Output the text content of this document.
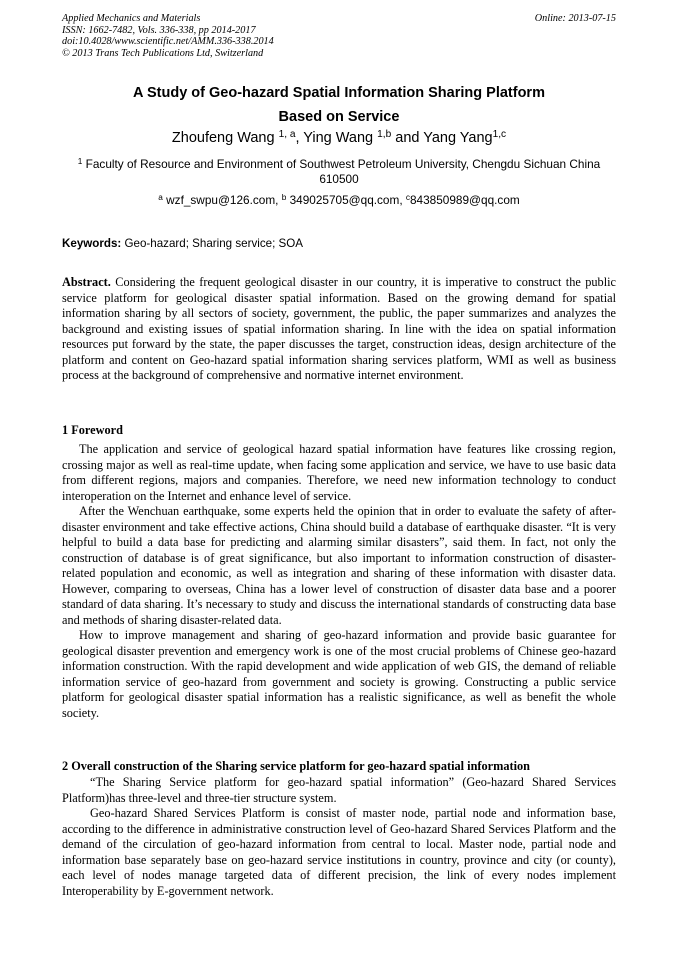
Applied Mechanics and Materials
ISSN: 1662-7482, Vols. 336-338, pp 2014-2017
doi:10.4028/www.scientific.net/AMM.336-338.2014
© 2013 Trans Tech Publications Ltd, Switzerland
Online: 2013-07-15
A Study of Geo-hazard Spatial Information Sharing Platform
Based on Service
Zhoufeng Wang $^{1, a}$, Ying Wang $^{1,b}$ and Yang Yang$^{1,c}$
$^1$ Faculty of Resource and Environment of Southwest Petroleum University, Chengdu Sichuan China 610500
$^a$ wzf_swpu@126.com, $^b$ 349025705@qq.com, $^c$843850989@qq.com
Keywords: Geo-hazard; Sharing service; SOA

Abstract. Considering the frequent geological disaster in our country, it is imperative to construct the public service platform for geological disaster spatial information. Based on the growing demand for spatial information sharing by all sectors of society, government, the public, the paper summarizes and analyzes the background and existing issues of spatial information sharing. In line with the idea on spatial information resources put forward by the state, the paper discusses the target, construction ideas, design architecture of the platform and content on Geo-hazard spatial information sharing services platform, WMI as well as business process at the background of comprehensive and normative internet environment.

1 Foreword

The application and service of geological hazard spatial information have features like crossing region, crossing major as well as real-time update, when facing some application and service, we have to use basic data from different regions, majors and companies. Therefore, we need new information technology to conduct interoperation on the Internet and enhance level of service.

After the Wenchuan earthquake, some experts held the opinion that in order to evaluate the safety of after-disaster environment and take effective actions, China should build a database of earthquake disaster. “It is very helpful to build a data base for predicting and alarming similar disasters”, said them. In fact, not only the construction of database is of great significance, but also important to information construction of disaster-related population and economic, as well as integration and sharing of these information with disaster data. However, comparing to overseas, China has a lower level of construction of disaster data base and a poorer standard of data sharing. It’s necessary to study and discuss the international standards of constructing data base and methods of sharing disaster-related data.

How to improve management and sharing of geo-hazard information and provide basic guarantee for geological disaster prevention and emergency work is one of the most crucial problems of Chinese geo-hazard information construction. With the rapid development and wide application of web GIS, the demand of reliable information service of geo-hazard from government and society is growing. Constructing a public service platform for geological disaster spatial information has a realistic significance, as well as benefit the whole society.

2 Overall construction of the Sharing service platform for geo-hazard spatial information

“The Sharing Service platform for geo-hazard spatial information” (Geo-hazard Shared Services Platform)has three-level and three-tier structure system.

Geo-hazard Shared Services Platform is consist of master node, partial node and information base, according to the difference in administrative construction level of Geo-hazard Shared Services Platform and the demand of the circulation of geo-hazard information from central to local. Master node, partial node and information base separately base on geo-hazard service institutions in country, province and city (or county), each level of nodes manage targeted data of different precision, the link of every nodes implement Interoperability by E-government network.
